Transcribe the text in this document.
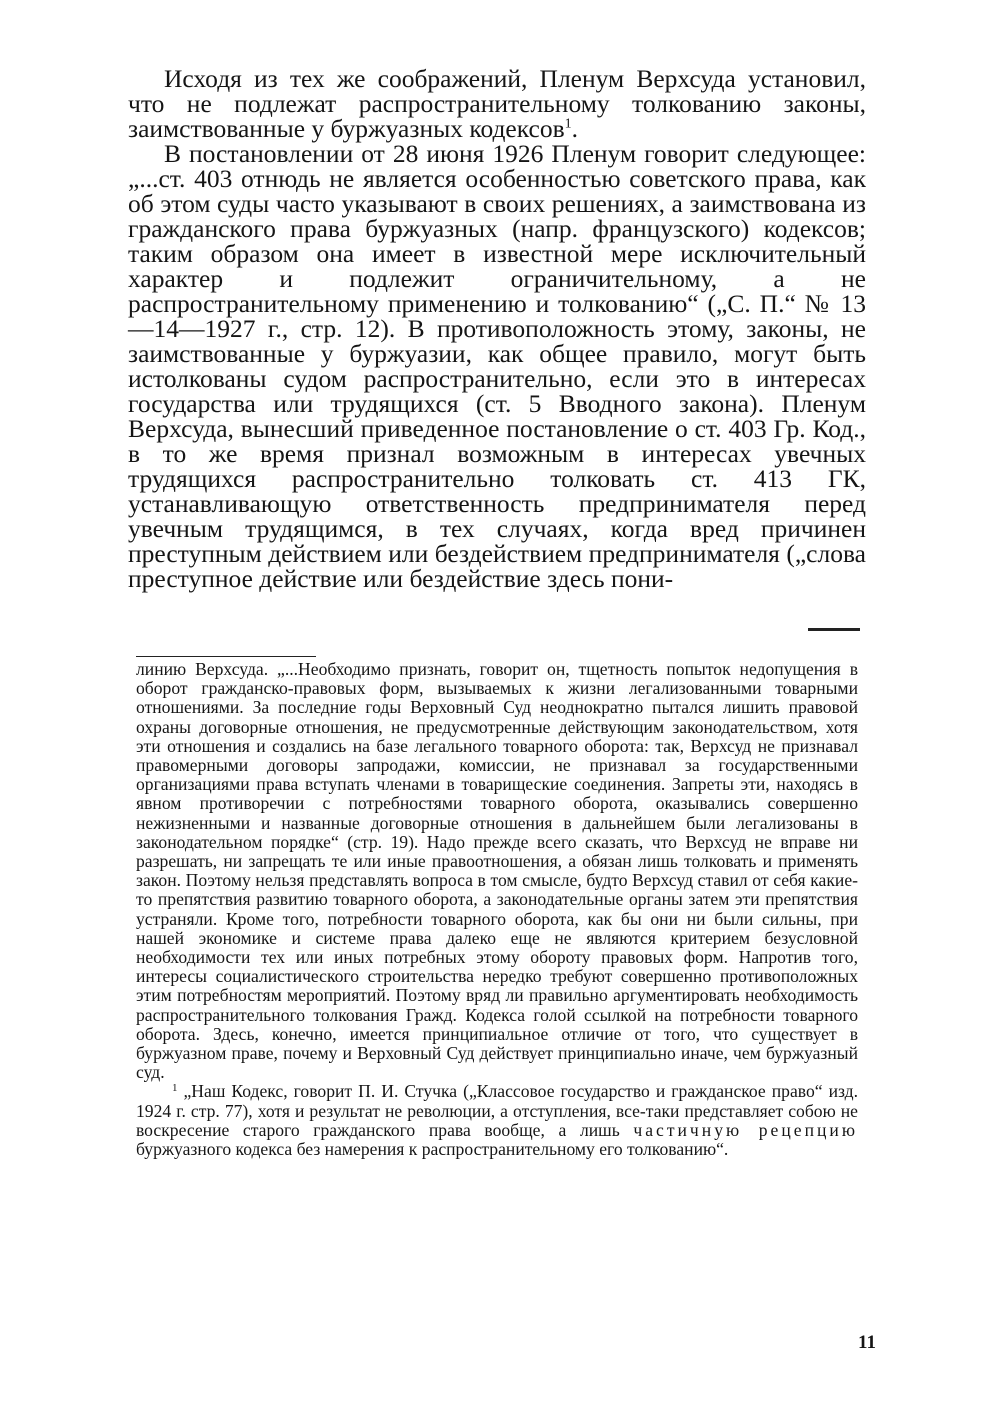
Исходя из тех же соображений, Пленум Верхсуда установил, что не подлежат распространительному толкованию законы, заимствованные у буржуазных кодексов$^1$.

В постановлении от 28 июня 1926 Пленум говорит следующее: „...ст. 403 отнюдь не является особенностью советского права, как об этом суды часто указывают в своих решениях, а заимствована из гражданского права буржуазных (напр. французского) кодексов; таким образом она имеет в известной мере исключительный характер и подлежит ограничительному, а не распространительному применению и толкованию“ („С. П.“ № 13—14—1927 г., стр. 12). В противоположность этому, законы, не заимствованные у буржуазии, как общее правило, могут быть истолкованы судом распространительно, если это в интересах государства или трудящихся (ст. 5 Вводного закона). Пленум Верхсуда, вынесший приведенное постановление о ст. 403 Гр. Код., в то же время признал возможным в интересах увечных трудящихся распространительно толковать ст. 413 ГК, устанавливающую ответственность предпринимателя перед увечным трудящимся, в тех случаях, когда вред причинен преступным действием или бездействием предпринимателя („слова преступное действие или бездействие здесь пони-

линию Верхсуда. „...Необходимо признать, говорит он, тщетность попыток недопущения в оборот гражданско-правовых форм, вызываемых к жизни легализованными товарными отношениями. За последние годы Верховный Суд неоднократно пытался лишить правовой охраны договорные отношения, не предусмотренные действующим законодательством, хотя эти отношения и создались на базе легального товарного оборота: так, Верхсуд не признавал правомерными договоры запродажи, комиссии, не признавал за государственными организациями права вступать членами в товарищеские соединения. Запреты эти, находясь в явном противоречии с потребностями товарного оборота, оказывались совершенно нежизненными и названные договорные отношения в дальнейшем были легализованы в законодательном порядке“ (стр. 19). Надо прежде всего сказать, что Верхсуд не вправе ни разрешать, ни запрещать те или иные правоотношения, а обязан лишь толковать и применять закон. Поэтому нельзя представлять вопроса в том смысле, будто Верхсуд ставил от себя какие-то препятствия развитию товарного оборота, а законодательные органы затем эти препятствия устраняли. Кроме того, потребности товарного оборота, как бы они ни были сильны, при нашей экономике и системе права далеко еще не являются критерием безусловной необходимости тех или иных потребных этому обороту правовых форм. Напротив того, интересы социалистического строительства нередко требуют совершенно противоположных этим потребностям мероприятий. Поэтому вряд ли правильно аргументировать необходимость распространительного толкования Гражд. Кодекса голой ссылкой на потребности товарного оборота. Здесь, конечно, имеется принципиальное отличие от того, что существует в буржуазном праве, почему и Верховный Суд действует принципиально иначе, чем буржуазный суд.

$^1$ „Наш Кодекс, говорит П. И. Стучка („Классовое государство и гражданское право“ изд. 1924 г. стр. 77), хотя и результат не революции, а отступления, все-таки представляет собою не воскресение старого гражданского права вообще, а лишь частичную рецепцию буржуазного кодекса без намерения к распространительному его толкованию“.

11
